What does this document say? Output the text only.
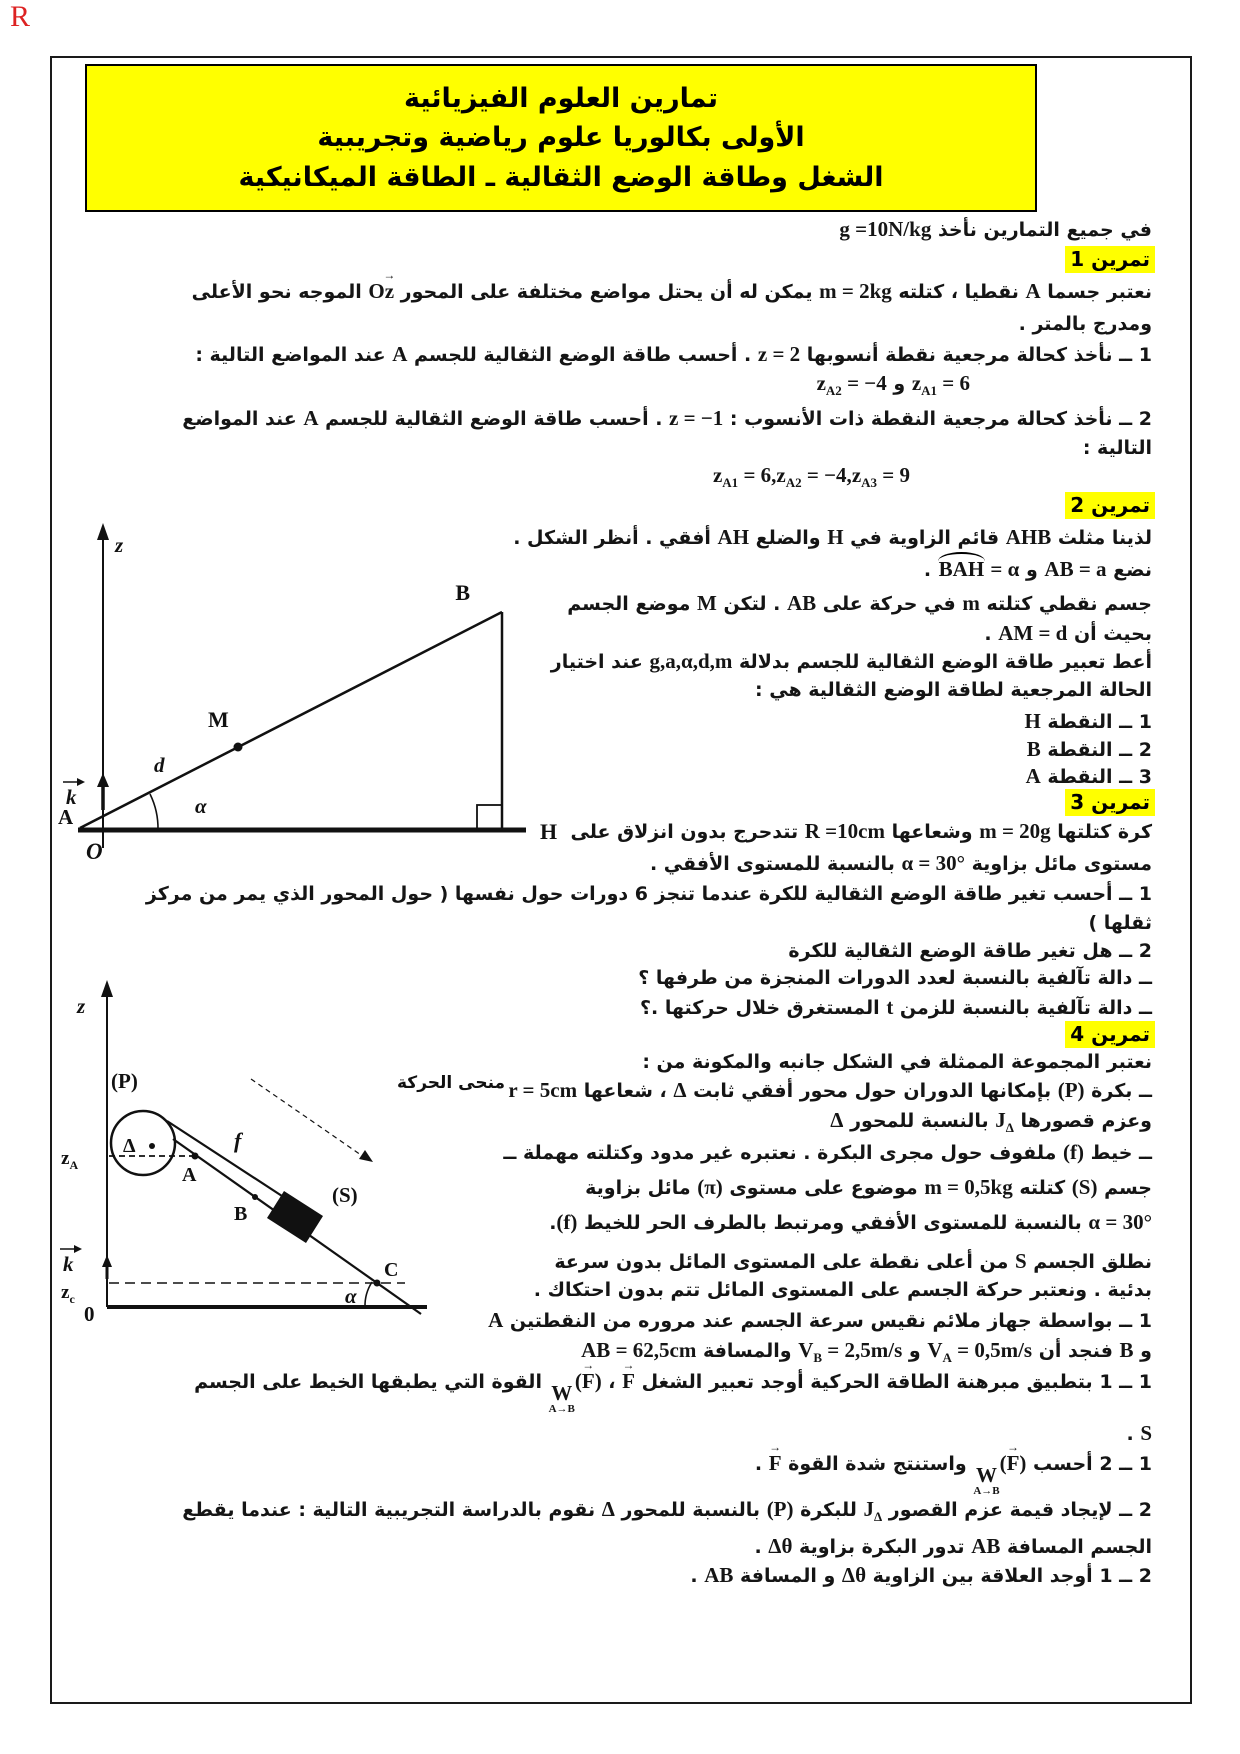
R
تمارين العلوم الفيزيائية
الأولى بكالوريا علوم رياضية وتجريبية
الشغل وطاقة الوضع الثقالية ـ الطاقة الميكانيكية
في جميع التمارين نأخذ g =10N/kg
تمرين 1
نعتبر جسما A نقطيا ، كتلته m = 2kg يمكن له أن يحتل مواضع مختلفة على المحور O→ z الموجه نحو الأعلى
ومدرج بالمتر .
1 ــ نأخذ كحالة مرجعية نقطة أنسوبها z = 2 . أحسب طاقة الوضع الثقالية للجسم A عند المواضع التالية :
$z_{A2} = -4$ و $z_{A1} = 6$
2 ــ نأخذ كحالة مرجعية النقطة ذات الأنسوب : z = −1 . أحسب طاقة الوضع الثقالية للجسم A عند المواضع
التالية :
$z_{A1} = 6,z_{A2} = -4,z_{A3} = 9$
تمرين 2
لذينا مثلث AHB قائم الزاوية في H والضلع AH أفقي . أنظر الشكل .
نضع AB = a و BAH = α .
جسم نقطي كتلته m في حركة على AB . لتكن M موضع الجسم
بحيث أن AM = d .
أعط تعبير طاقة الوضع الثقالية للجسم بدلالة g,a,α,d,m عند اختيار
الحالة المرجعية لطاقة الوضع الثقالية هي :
1 ــ النقطة H
2 ــ النقطة B
3 ــ النقطة A
تمرين 3
كرة كتلتها m = 20g وشعاعها R =10cm تتدحرج بدون انزلاق على
مستوى مائل بزاوية α = 30° بالنسبة للمستوى الأفقي .
1 ــ أحسب تغير طاقة الوضع الثقالية للكرة عندما تنجز 6 دورات حول نفسها ( حول المحور الذي يمر من مركز
ثقلها )
2 ــ هل تغير طاقة الوضع الثقالية للكرة
ــ دالة تآلفية بالنسبة لعدد الدورات المنجزة من طرفها ؟
ــ دالة تآلفية بالنسبة للزمن t المستغرق خلال حركتها .؟
تمرين 4
نعتبر المجموعة الممثلة في الشكل جانبه والمكونة من :
ــ بكرة (P) بإمكانها الدوران حول محور أفقي ثابت Δ ، شعاعها r = 5cm
وعزم قصورها $J_\Delta$ بالنسبة للمحور Δ
ــ خيط (f) ملفوف حول مجرى البكرة . نعتبره غير مدود وكتلته مهملة ــ
جسم (S) كتلته m = 0,5kg موضوع على مستوى (π) مائل بزاوية
α = 30° بالنسبة للمستوى الأفقي ومرتبط بالطرف الحر للخيط (f).
نطلق الجسم S من أعلى نقطة على المستوى المائل بدون سرعة
بدئية . ونعتبر حركة الجسم على المستوى المائل تتم بدون احتكاك .
1 ــ بواسطة جهاز ملائم نقيس سرعة الجسم عند مروره من النقطتين A
و B فنجد أن $V_A = 0,5m/s$ و $V_B = 2,5m/s$ والمسافة AB = 62,5cm
1 ــ 1 بتطبيق مبرهنة الطاقة الحركية أوجد تعبير الشغل
W
A→B
(→ F) ، → F القوة التي يطبقها الخيط على الجسم
S .
1 ــ 2 أحسب
W
A→B
(→ F) واستنتج شدة القوة → F .
2 ــ لإيجاد قيمة عزم القصور $J_\Delta$ للبكرة (P) بالنسبة للمحور Δ نقوم بالدراسة التجريبية التالية : عندما يقطع
الجسم المسافة AB تدور البكرة بزاوية Δθ .
2 ــ 1 أوجد العلاقة بين الزاوية Δθ و المسافة AB .
z
B
M
d
α
k
A
O
H
z
Δ
(P)
$z_A$	A
f
B
(S)
C
منحى الحركة
k
$z_c$
0
α
